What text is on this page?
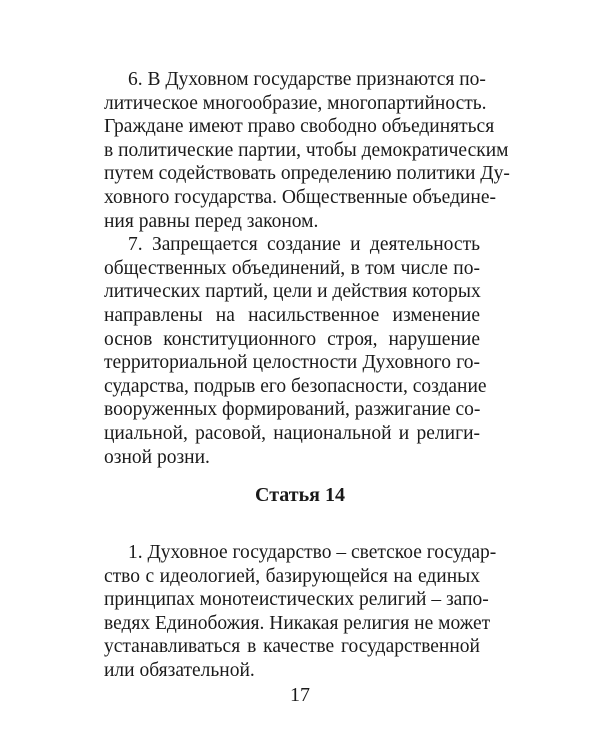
6. В Духовном государстве признаются по-
литическое многообразие, многопартийность.
Граждане имеют право свободно объединяться
в политические партии, чтобы демократическим
путем содействовать определению политики Ду-
ховного государства. Общественные объедине-
ния равны перед законом.
7. Запрещается создание и деятельность
общественных объединений, в том числе по-
литических партий, цели и действия которых
направлены на насильственное изменение
основ конституционного строя, нарушение
территориальной целостности Духовного го-
сударства, подрыв его безопасности, создание
вооруженных формирований, разжигание со-
циальной, расовой, национальной и религи-
озной розни.
Статья 14
1. Духовное государство – светское государ-
ство с идеологией, базирующейся на единых
принципах монотеистических религий – запо-
ведях Единобожия. Никакая религия не может
устанавливаться в качестве государственной
или обязательной.
17
